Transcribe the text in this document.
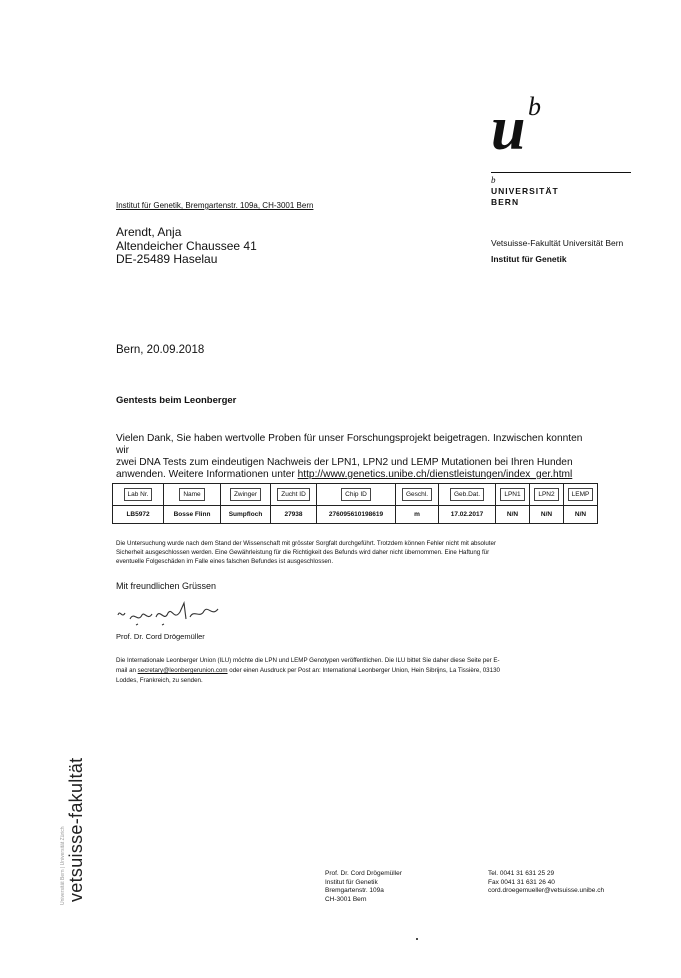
u b
b
UNIVERSITÄT
BERN
Institut für Genetik, Bremgartenstr. 109a, CH-3001 Bern
Arendt, Anja
Altendeicher Chaussee 41
DE-25489 Haselau
Vetsuisse-Fakultät Universität Bern
Institut für Genetik
Bern, 20.09.2018
Gentests beim Leonberger
Vielen Dank, Sie haben wertvolle Proben für unser Forschungsprojekt beigetragen. Inzwischen konnten wir
zwei DNA Tests zum eindeutigen Nachweis der LPN1, LPN2 und LEMP Mutationen bei Ihren Hunden
anwenden. Weitere Informationen unter http://www.genetics.unibe.ch/dienstleistungen/index_ger.html
Lab Nr.	Name	Zwinger	Zucht ID	Chip ID	Geschl.	Geb.Dat.	LPN1	LPN2	LEMP
LB5972	Bosse Flinn	Sumpfloch	27938	276095610198619	m	17.02.2017	N/N	N/N	N/N
Die Untersuchung wurde nach dem Stand der Wissenschaft mit grösster Sorgfalt durchgeführt. Trotzdem können Fehler nicht mit absoluter
Sicherheit ausgeschlossen werden. Eine Gewährleistung für die Richtigkeit des Befunds wird daher nicht übernommen. Eine Haftung für
eventuelle Folgeschäden im Falle eines falschen Befundes ist ausgeschlossen.
Mit freundlichen Grüssen
Prof. Dr. Cord Drögemüller
Die Internationale Leonberger Union (ILU) möchte die LPN und LEMP Genotypen veröffentlichen. Die ILU bittet Sie daher diese Seite per E-
mail an secretary@leonbergerunion.com oder einen Ausdruck per Post an: International Leonberger Union, Hein Sibrijns, La Tissière, 03130
Loddes, Frankreich, zu senden.
Universität Bern | Universität Zürich vetsuisse-fakultät	Prof. Dr. Cord Drögemüller
Institut für Genetik
Bremgartenstr. 109a
CH-3001 Bern
Tel. 0041 31 631 25 29
Fax 0041 31 631 26 40
cord.droegemueller@vetsuisse.unibe.ch
